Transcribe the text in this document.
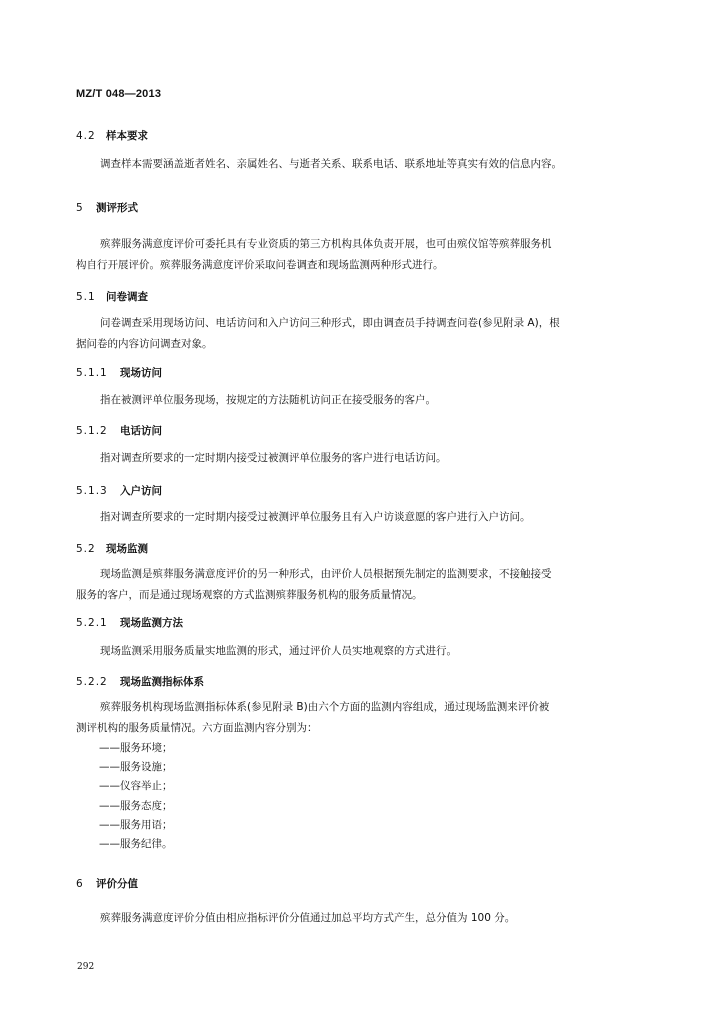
MZ/T 048—2013
4.2 样本要求
调查样本需要涵盖逝者姓名、亲属姓名、与逝者关系、联系电话、联系地址等真实有效的信息内容。
5 测评形式
殡葬服务满意度评价可委托具有专业资质的第三方机构具体负责开展，也可由殡仪馆等殡葬服务机
构自行开展评价。殡葬服务满意度评价采取问卷调查和现场监测两种形式进行。
5.1 问卷调查
问卷调查采用现场访问、电话访问和入户访问三种形式，即由调查员手持调查问卷(参见附录 A)，根
据问卷的内容访问调查对象。
5.1.1 现场访问
指在被测评单位服务现场，按规定的方法随机访问正在接受服务的客户。
5.1.2 电话访问
指对调查所要求的一定时期内接受过被测评单位服务的客户进行电话访问。
5.1.3 入户访问
指对调查所要求的一定时期内接受过被测评单位服务且有入户访谈意愿的客户进行入户访问。
5.2 现场监测
现场监测是殡葬服务满意度评价的另一种形式，由评价人员根据预先制定的监测要求，不接触接受
服务的客户，而是通过现场观察的方式监测殡葬服务机构的服务质量情况。
5.2.1 现场监测方法
现场监测采用服务质量实地监测的形式，通过评价人员实地观察的方式进行。
5.2.2 现场监测指标体系
殡葬服务机构现场监测指标体系(参见附录 B)由六个方面的监测内容组成，通过现场监测来评价被
测评机构的服务质量情况。六方面监测内容分别为：
——服务环境；
——服务设施；
——仪容举止；
——服务态度；
——服务用语；
——服务纪律。
6 评价分值
殡葬服务满意度评价分值由相应指标评价分值通过加总平均方式产生，总分值为 100 分。
292
